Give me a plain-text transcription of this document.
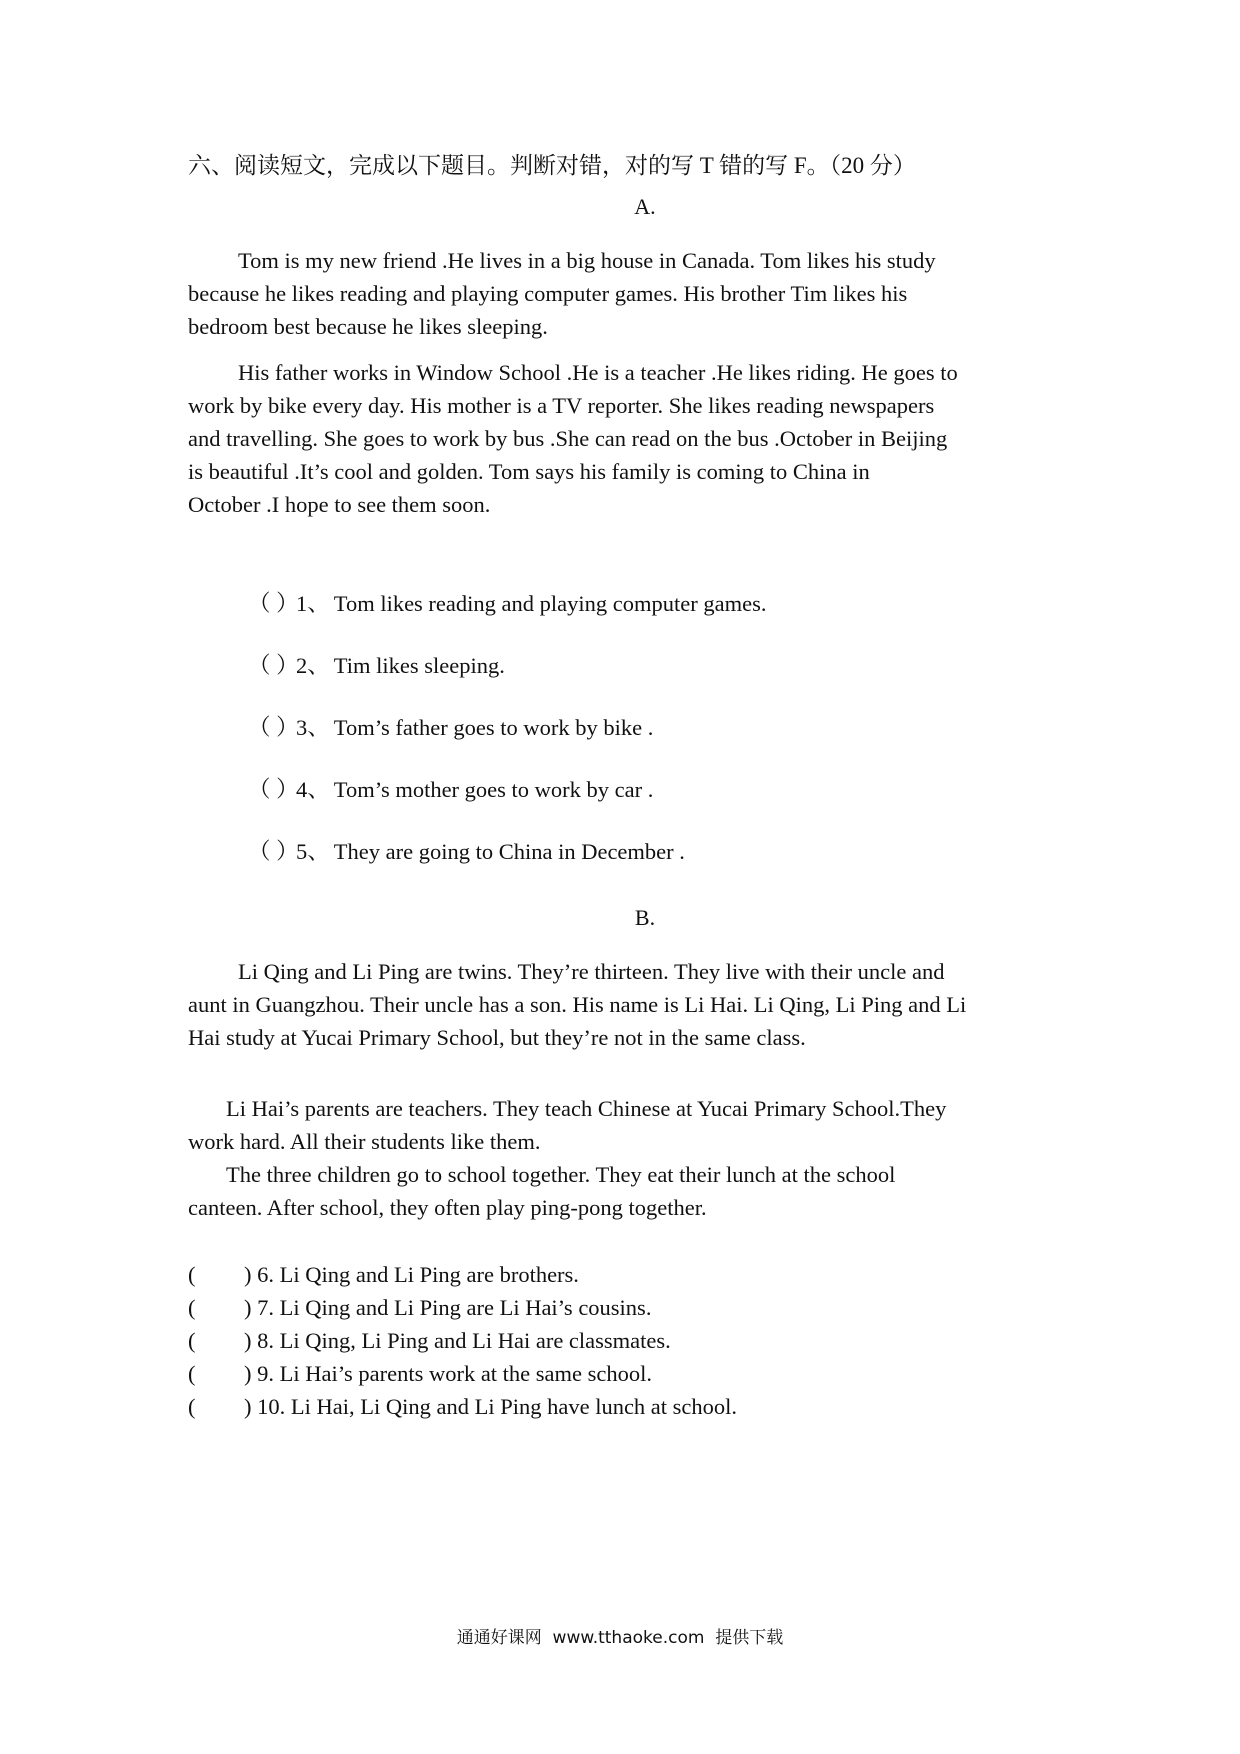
六、阅读短文，完成以下题目。判断对错，对的写 T 错的写 F。（20 分）
A.
Tom is my new friend .He lives in a big house in Canada. Tom likes his study
because he likes reading and playing computer games. His brother Tim likes his
bedroom best because he likes sleeping.
His father works in Window School .He is a teacher .He likes riding. He goes to
work by bike every day. His mother is a TV reporter. She likes reading newspapers
and travelling. She goes to work by bus .She can read on the bus .October in Beijing
is beautiful .It’s cool and golden. Tom says his family is coming to China in
October .I hope to see them soon.
（ ）1、 Tom likes reading and playing computer games.
（ ）2、 Tim likes sleeping.
（ ）3、 Tom’s father goes to work by bike .
（ ）4、 Tom’s mother goes to work by car .
（ ）5、 They are going to China in December .
B.
Li Qing and Li Ping are twins. They’re thirteen. They live with their uncle and
aunt in Guangzhou. Their uncle has a son. His name is Li Hai. Li Qing, Li Ping and Li
Hai study at Yucai Primary School, but they’re not in the same class.
Li Hai’s parents are teachers. They teach Chinese at Yucai Primary School.They
work hard. All their students like them.
The three children go to school together. They eat their lunch at the school
canteen. After school, they often play ping-pong together.
( ) 6. Li Qing and Li Ping are brothers.
( ) 7. Li Qing and Li Ping are Li Hai’s cousins.
( ) 8. Li Qing, Li Ping and Li Hai are classmates.
( ) 9. Li Hai’s parents work at the same school.
( ) 10. Li Hai, Li Qing and Li Ping have lunch at school.
通通好课网  www.tthaoke.com  提供下载
